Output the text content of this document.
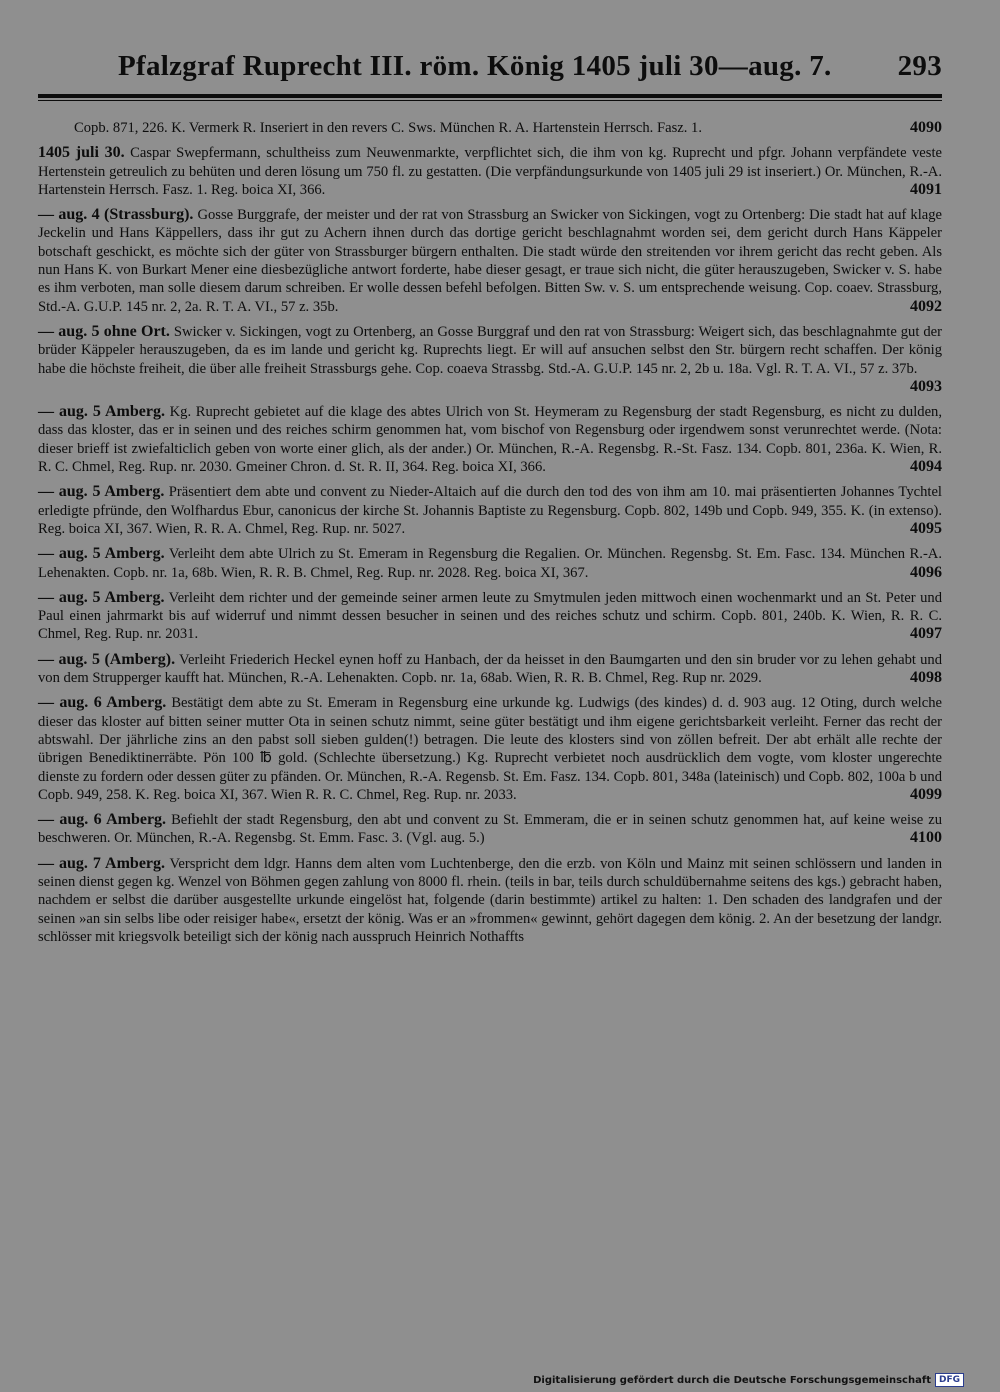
Pfalzgraf Ruprecht III. röm. König 1405 juli 30—aug. 7. 293
Copb. 871, 226. K. Vermerk R. Inseriert in den revers C. Sws. München R. A. Hartenstein Herrsch. Fasz. 1.	4090
1405 juli 30. Caspar Swepfermann, schultheiss zum Neuwenmarkte, verpflichtet sich, die ihm von kg. Ruprecht und pfgr. Johann verpfändete veste Hertenstein getreulich zu behüten und deren lösung um 750 fl. zu gestatten. (Die verpfändungsurkunde von 1405 juli 29 ist inseriert.) Or. München, R.-A. Hartenstein Herrsch. Fasz. 1. Reg. boica XI, 366.	4091
— aug. 4 (Strassburg). Gosse Burggrafe, der meister und der rat von Strassburg an Swicker von Sickingen, vogt zu Ortenberg: Die stadt hat auf klage Jeckelin und Hans Käppellers, dass ihr gut zu Achern ihnen durch das dortige gericht beschlagnahmt worden sei, dem gericht durch Hans Käppeler botschaft geschickt, es möchte sich der güter von Strassburger bürgern enthalten. Die stadt würde den streitenden vor ihrem gericht das recht geben. Als nun Hans K. von Burkart Mener eine diesbezügliche antwort forderte, habe dieser gesagt, er traue sich nicht, die güter herauszugeben, Swicker v. S. habe es ihm verboten, man solle diesem darum schreiben. Er wolle dessen befehl befolgen. Bitten Sw. v. S. um entsprechende weisung. Cop. coaev. Strassburg, Std.-A. G.U.P. 145 nr. 2, 2a. R. T. A. VI., 57 z. 35b.	4092
— aug. 5 ohne Ort. Swicker v. Sickingen, vogt zu Ortenberg, an Gosse Burggraf und den rat von Strassburg: Weigert sich, das beschlagnahmte gut der brüder Käppeler herauszugeben, da es im lande und gericht kg. Ruprechts liegt. Er will auf ansuchen selbst den Str. bürgern recht schaffen. Der könig habe die höchste freiheit, die über alle freiheit Strassburgs gehe. Cop. coaeva Strassbg. Std.-A. G.U.P. 145 nr. 2, 2b u. 18a. Vgl. R. T. A. VI., 57 z. 37b.
4093
— aug. 5 Amberg. Kg. Ruprecht gebietet auf die klage des abtes Ulrich von St. Heymeram zu Regensburg der stadt Regensburg, es nicht zu dulden, dass das kloster, das er in seinen und des reiches schirm genommen hat, vom bischof von Regensburg oder irgendwem sonst verunrechtet werde. (Nota: dieser brieff ist zwiefalticlich geben von worte einer glich, als der ander.) Or. München, R.-A. Regensbg. R.-St. Fasz. 134. Copb. 801, 236a. K. Wien, R. R. C. Chmel, Reg. Rup. nr. 2030. Gmeiner Chron. d. St. R. II, 364. Reg. boica XI, 366.	4094
— aug. 5 Amberg. Präsentiert dem abte und convent zu Nieder-Altaich auf die durch den tod des von ihm am 10. mai präsentierten Johannes Tychtel erledigte pfründe, den Wolfhardus Ebur, canonicus der kirche St. Johannis Baptiste zu Regensburg. Copb. 802, 149b und Copb. 949, 355. K. (in extenso). Reg. boica XI, 367. Wien, R. R. A. Chmel, Reg. Rup. nr. 5027.	4095
— aug. 5 Amberg. Verleiht dem abte Ulrich zu St. Emeram in Regensburg die Regalien. Or. München. Regensbg. St. Em. Fasc. 134. München R.-A. Lehenakten. Copb. nr. 1a, 68b. Wien, R. R. B. Chmel, Reg. Rup. nr. 2028. Reg. boica XI, 367.	4096
— aug. 5 Amberg. Verleiht dem richter und der gemeinde seiner armen leute zu Smytmulen jeden mittwoch einen wochenmarkt und an St. Peter und Paul einen jahrmarkt bis auf widerruf und nimmt dessen besucher in seinen und des reiches schutz und schirm. Copb. 801, 240b. K. Wien, R. R. C. Chmel, Reg. Rup. nr. 2031.	4097
— aug. 5 (Amberg). Verleiht Friederich Heckel eynen hoff zu Hanbach, der da heisset in den Baumgarten und den sin bruder vor zu lehen gehabt und von dem Strupperger kaufft hat. München, R.-A. Lehenakten. Copb. nr. 1a, 68ab. Wien, R. R. B. Chmel, Reg. Rup nr. 2029.	4098
— aug. 6 Amberg. Bestätigt dem abte zu St. Emeram in Regensburg eine urkunde kg. Ludwigs (des kindes) d. d. 903 aug. 12 Oting, durch welche dieser das kloster auf bitten seiner mutter Ota in seinen schutz nimmt, seine güter bestätigt und ihm eigene gerichtsbarkeit verleiht. Ferner das recht der abtswahl. Der jährliche zins an den pabst soll sieben gulden(!) betragen. Die leute des klosters sind von zöllen befreit. Der abt erhält alle rechte der übrigen Benediktinerräbte. Pön 100 ℔ gold. (Schlechte übersetzung.) Kg. Ruprecht verbietet noch ausdrücklich dem vogte, vom kloster ungerechte dienste zu fordern oder dessen güter zu pfänden. Or. München, R.-A. Regensb. St. Em. Fasz. 134. Copb. 801, 348a (lateinisch) und Copb. 802, 100a b und Copb. 949, 258. K. Reg. boica XI, 367. Wien R. R. C. Chmel, Reg. Rup. nr. 2033.	4099
— aug. 6 Amberg. Befiehlt der stadt Regensburg, den abt und convent zu St. Emmeram, die er in seinen schutz genommen hat, auf keine weise zu beschweren. Or. München, R.-A. Regensbg. St. Emm. Fasc. 3. (Vgl. aug. 5.)	4100
— aug. 7 Amberg. Verspricht dem ldgr. Hanns dem alten vom Luchtenberge, den die erzb. von Köln und Mainz mit seinen schlössern und landen in seinen dienst gegen kg. Wenzel von Böhmen gegen zahlung von 8000 fl. rhein. (teils in bar, teils durch schuldübernahme seitens des kgs.) gebracht haben, nachdem er selbst die darüber ausgestellte urkunde eingelöst hat, folgende (darin bestimmte) artikel zu halten: 1. Den schaden des landgrafen und der seinen »an sin selbs libe oder reisiger habe«, ersetzt der könig. Was er an »frommen« gewinnt, gehört dagegen dem könig. 2. An der besetzung der landgr. schlösser mit kriegsvolk beteiligt sich der könig nach ausspruch Heinrich Nothaffts
Digitalisierung gefördert durch die Deutsche Forschungsgemeinschaft DFG
